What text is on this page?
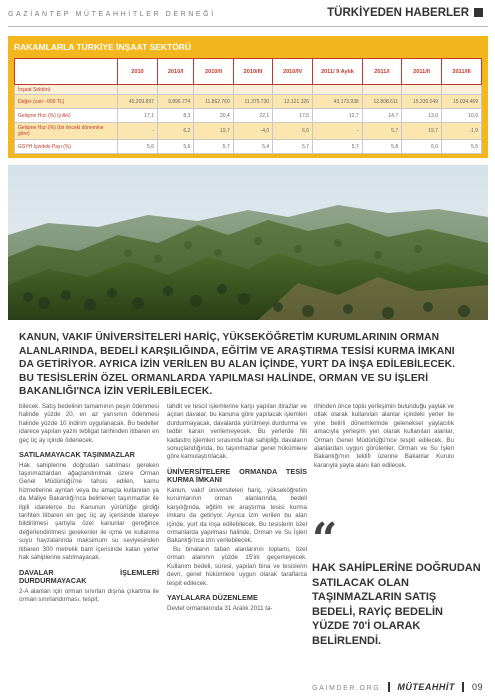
GAZİANTEP MÜTEAHHİTLER DERNEĞİ	TÜRKİYEDEN HABERLER
RAKAMLARLA TÜRKİYE İNŞAAT SEKTÖRÜ
	2010	2010/I	2010/II	2010/III	2010/IV	2011/ 9 Aylık	2011/I	2011/II	2011/III
İnşaat Sektörü									
Değer (cari - 000 TL)	45.209.897	9.896.774	11.862.760	11.375.730	12.121.326	43.173.938	12.808.611	15.330.049	15.034.469
Gelişme Hızı (%) (yıllık)	17,1	8,3	20,4	22,1	17,5	12,7	14,7	13,0	10,6
Gelişme Hızı (%) (bir önceki dönemine göre)	-	6,2	19,7	-4,0	6,6	-	5,7	19,7	-1,9
GSYH İçindeki Payı (%)	5,6	5,6	5,7	5,4	5,7	5,7	5,8	6,0	5,5
KANUN, VAKIF ÜNİVERSİTELERİ HARİÇ, YÜKSEKÖĞRETİM KURUMLARININ ORMAN ALANLARINDA, BEDELİ KARŞILIĞINDA, EĞİTİM VE ARAŞTIRMA TESİSİ KURMA İMKANI DA GETİRİYOR. AYRICA İZİN VERİLEN BU ALAN İÇİNDE, YURT DA İNŞA EDİLEBİLECEK. BU TESİSLERİN ÖZEL ORMANLARDA YAPILMASI HALİNDE, ORMAN VE SU İŞLERİ BAKANLIĞI'NCA İZİN VERİLEBİLECEK.

bilecek. Satış bedelinin tamamının peşin ödenmesi halinde yüzde 20, en az yarısının ödenmesi halinde yüzde 10 indirim uygulanacak. Bu bedeller idarece yapılan yazılı tebligat tarihinden itibaren en geç üç ay içinde ödenecek.

SATILAMAYACAK TAŞINMAZLAR

Hak sahiplerine doğrudan satılması gereken taşınmazlardan ağaçlandırılmak üzere Orman Genel Müdürlüğü'ne tahsis edilen, kamu hizmetlerine ayrılan veya bu amaçla kullanılan ya da Maliye Bakanlığı'nca belirlenen taşınmazlar ile ilgili idarelerce bu Kanunun yürürlüğe girdiği tarihten itibaren en geç üç ay içerisinde idareye bildirilmesi şartıyla özel kanunlar gereğince değerlendirilmesi gerekenler ile içme ve kullanma suyu havzalarında maksimum su seviyesinden itibaren 300 metrelik bant içerisinde kalan yerler hak sahiplerine satılmayacak.

DAVALAR İŞLEMLERİ DURDURMAYACAK

2-A alanları için orman sınırları dışına çıkartma ile orman sınırlandırması, tespit,

tahdit ve tescil işlemlerine karşı yapılan itirazlar ve açılan davalar, bu kanuna göre yapılacak işlemleri durdurmayacak, davalarda yürütmeyi durdurma ve tedbir kararı verilemeyecek. Bu yerlerde fiili kadastro işlemleri sırasında hak sahipliği, davaların sonuçlandığında, bu taşınmazlar genel hükümlere göre kamulaştırılacak.

ÜNİVERSİTELERE ORMANDA TESİS KURMA İMKANI

Kanun, vakıf üniversiteleri hariç, yükseköğretim kurumlarının orman alanlarında, bedeli karşılığında, eğitim ve araştırma tesisi kurma imkanı da getiriyor. Ayrıca izin verilen bu alan içinde, yurt da inşa edilebilecek. Bu tesislerin özel ormanlarda yapılması halinde, Orman ve Su İşleri Bakanlığı'nca izin verilebilecek.

Bu binaların taban alanlarının toplamı, özel orman alanının yüzde 15'ini geçemeyecek. Kullanım bedeli, süresi, yapılan bina ve tesislerin devri, genel hükümlere uygun olarak taraflarca tespit edilecek.

YAYLALARA DÜZENLEME

Devlet ormanlarında 31 Aralık 2011 ta-

rihinden önce toplu yerleşimin bulunduğu yaylak ve otlak olarak kullanılan alanlar içindeki yerler ile yine belirli dönemlerinde geleneksel yaylacılık amacıyla yerleşim yeri olarak kullanılan alanlar, Orman Genel Müdürlüğü'nce tespit edilecek. Bu alanlardan uygun görülenler, Orman ve Su İşleri Bakanlığı'nın teklifi üzerine Bakanlar Kurulu kararıyla yayla alanı ilan edilecek.

“
HAK SAHİPLERİNE DOĞRUDAN SATILACAK OLAN TAŞINMAZLARIN SATIŞ BEDELİ, RAYİÇ BEDELİN YÜZDE 70'İ OLARAK BELİRLENDİ.
GAIMDER.ORG MÜTEAHHİT 09
